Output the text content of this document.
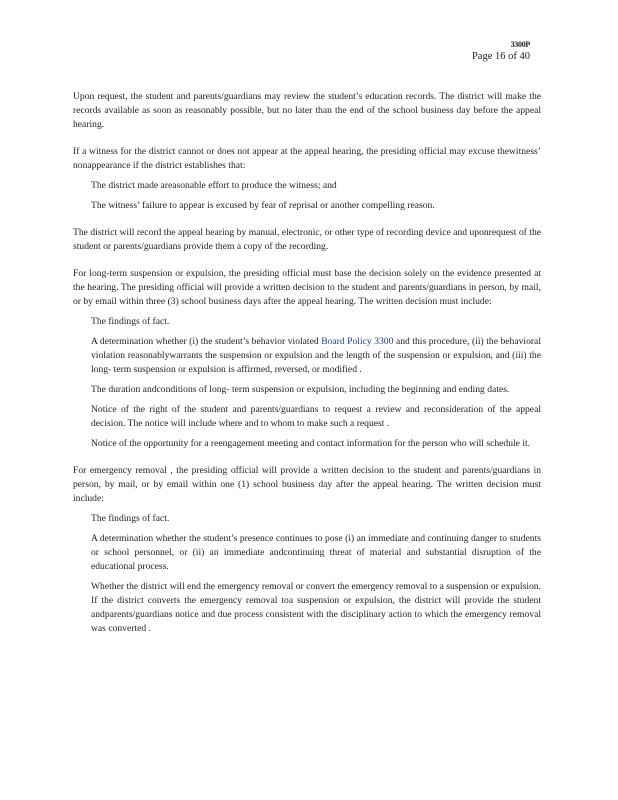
3300P
Page 16 of 40

Upon request, the student and parents/guardians may review the student’s education records. The district will make the records available as soon as reasonably possible, but no later than the end of the school business day before the appeal hearing.

If a witness for the district cannot or does not appear at the appeal hearing, the presiding official may excuse thewitness’ nonappearance if the district establishes that:

The district made areasonable effort to produce the witness; and
The witness’ failure to appear is excused by fear of reprisal or another compelling reason.

The district will record the appeal hearing by manual, electronic, or other type of recording device and uponrequest of the student or parents/guardians provide them a copy of the recording.

For long-term suspension or expulsion, the presiding official must base the decision solely on the evidence presented at the hearing. The presiding official will provide a written decision to the student and parents/guardians in person, by mail, or by email within three (3) school business days after the appeal hearing. The written decision must include:

The findings of fact.
A determination whether (i) the student’s behavior violated Board Policy 3300 and this procedure, (ii) the behavioral violation reasonablywarrants the suspension or expulsion and the length of the suspension or expulsion, and (iii) the long- term suspension or expulsion is affirmed, reversed, or modified .
The duration andconditions of long- term suspension or expulsion, including the beginning and ending dates.
Notice of the right of the student and parents/guardians to request a review and reconsideration of the appeal decision. The notice will include where and to whom to make such a request .
Notice of the opportunity for a reengagement meeting and contact information for the person who will schedule it.

For emergency removal , the presiding official will provide a written decision to the student and parents/guardians in person, by mail, or by email within one (1) school business day after the appeal hearing. The written decision must include:

The findings of fact.
A determination whether the student’s presence continues to pose (i) an immediate and continuing danger to students or school personnel, or (ii) an immediate andcontinuing threat of material and substantial disruption of the educational process.
Whether the district will end the emergency removal or convert the emergency removal to a suspension or expulsion. If the district converts the emergency removal toa suspension or expulsion, the district will provide the student andparents/guardians notice and due process consistent with the disciplinary action to which the emergency removal was converted .
